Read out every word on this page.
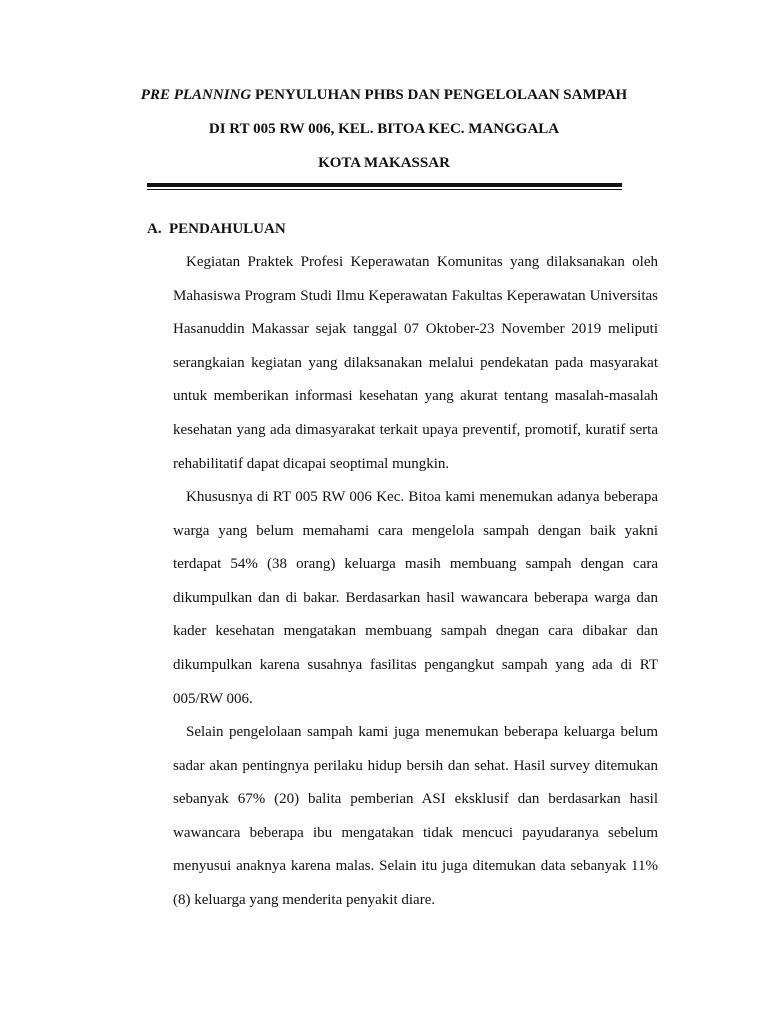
PRE PLANNING PENYULUHAN PHBS DAN PENGELOLAAN SAMPAH
DI RT 005 RW 006, KEL. BITOA KEC. MANGGALA
KOTA MAKASSAR
A. PENDAHULUAN

Kegiatan Praktek Profesi Keperawatan Komunitas yang dilaksanakan oleh Mahasiswa Program Studi Ilmu Keperawatan Fakultas Keperawatan Universitas Hasanuddin Makassar sejak tanggal 07 Oktober-23 November 2019 meliputi serangkaian kegiatan yang dilaksanakan melalui pendekatan pada masyarakat untuk memberikan informasi kesehatan yang akurat tentang masalah-masalah kesehatan yang ada dimasyarakat terkait upaya preventif, promotif, kuratif serta rehabilitatif dapat dicapai seoptimal mungkin.

Khususnya di RT 005 RW 006 Kec. Bitoa kami menemukan adanya beberapa warga yang belum memahami cara mengelola sampah dengan baik yakni terdapat 54% (38 orang) keluarga masih membuang sampah dengan cara dikumpulkan dan di bakar. Berdasarkan hasil wawancara beberapa warga dan kader kesehatan mengatakan membuang sampah dnegan cara dibakar dan dikumpulkan karena susahnya fasilitas pengangkut sampah yang ada di RT 005/RW 006.

Selain pengelolaan sampah kami juga menemukan beberapa keluarga belum sadar akan pentingnya perilaku hidup bersih dan sehat. Hasil survey ditemukan sebanyak 67% (20) balita pemberian ASI eksklusif dan berdasarkan hasil wawancara beberapa ibu mengatakan tidak mencuci payudaranya sebelum menyusui anaknya karena malas. Selain itu juga ditemukan data sebanyak 11% (8) keluarga yang menderita penyakit diare.
